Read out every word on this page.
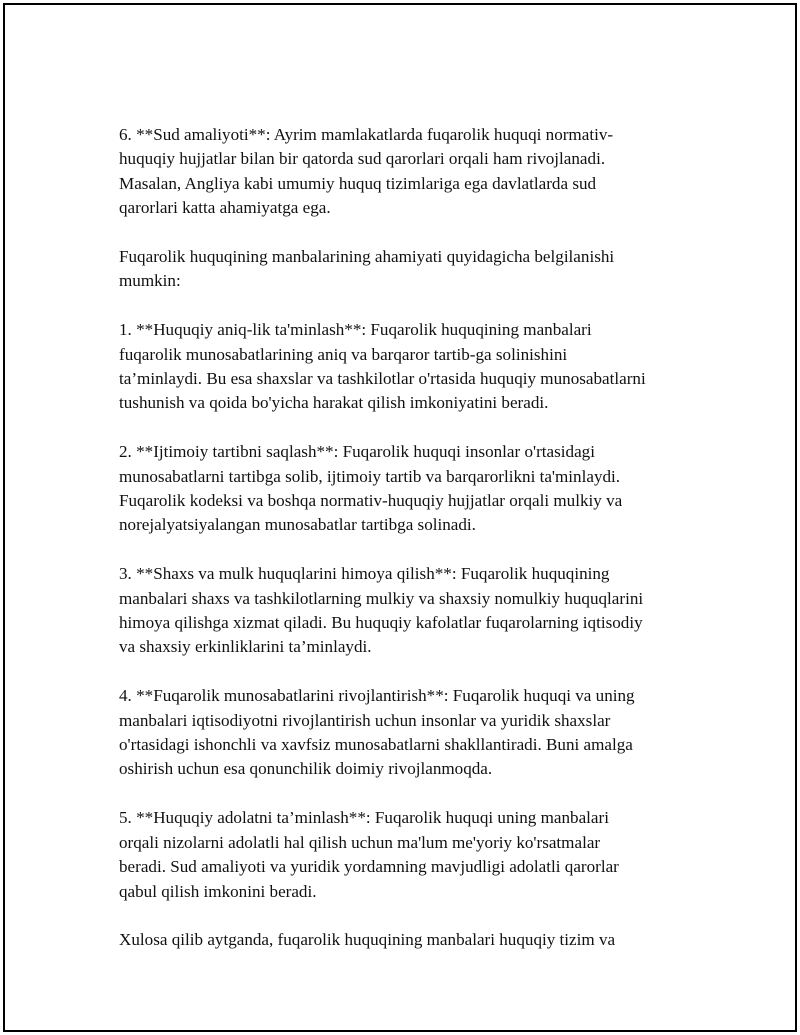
6. **Sud amaliyoti**: Ayrim mamlakatlarda fuqarolik huquqi normativ-
huquqiy hujjatlar bilan bir qatorda sud qarorlari orqali ham rivojlanadi.
Masalan, Angliya kabi umumiy huquq tizimlariga ega davlatlarda sud
qarorlari katta ahamiyatga ega.

Fuqarolik huquqining manbalarining ahamiyati quyidagicha belgilanishi
mumkin:

1. **Huquqiy aniq-lik ta'minlash**: Fuqarolik huquqining manbalari
fuqarolik munosabatlarining aniq va barqaror tartib-ga solinishini
ta’minlaydi. Bu esa shaxslar va tashkilotlar o'rtasida huquqiy munosabatlarni
tushunish va qoida bo'yicha harakat qilish imkoniyatini beradi.

2. **Ijtimoiy tartibni saqlash**: Fuqarolik huquqi insonlar o'rtasidagi
munosabatlarni tartibga solib, ijtimoiy tartib va barqarorlikni ta'minlaydi.
Fuqarolik kodeksi va boshqa normativ-huquqiy hujjatlar orqali mulkiy va
norejalyatsiyalangan munosabatlar tartibga solinadi.

3. **Shaxs va mulk huquqlarini himoya qilish**: Fuqarolik huquqining
manbalari shaxs va tashkilotlarning mulkiy va shaxsiy nomulkiy huquqlarini
himoya qilishga xizmat qiladi. Bu huquqiy kafolatlar fuqarolarning iqtisodiy
va shaxsiy erkinliklarini ta’minlaydi.

4. **Fuqarolik munosabatlarini rivojlantirish**: Fuqarolik huquqi va uning
manbalari iqtisodiyotni rivojlantirish uchun insonlar va yuridik shaxslar
o'rtasidagi ishonchli va xavfsiz munosabatlarni shakllantiradi. Buni amalga
oshirish uchun esa qonunchilik doimiy rivojlanmoqda.

5. **Huquqiy adolatni ta’minlash**: Fuqarolik huquqi uning manbalari
orqali nizolarni adolatli hal qilish uchun ma'lum me'yoriy ko'rsatmalar
beradi. Sud amaliyoti va yuridik yordamning mavjudligi adolatli qarorlar
qabul qilish imkonini beradi.

Xulosa qilib aytganda, fuqarolik huquqining manbalari huquqiy tizim va
